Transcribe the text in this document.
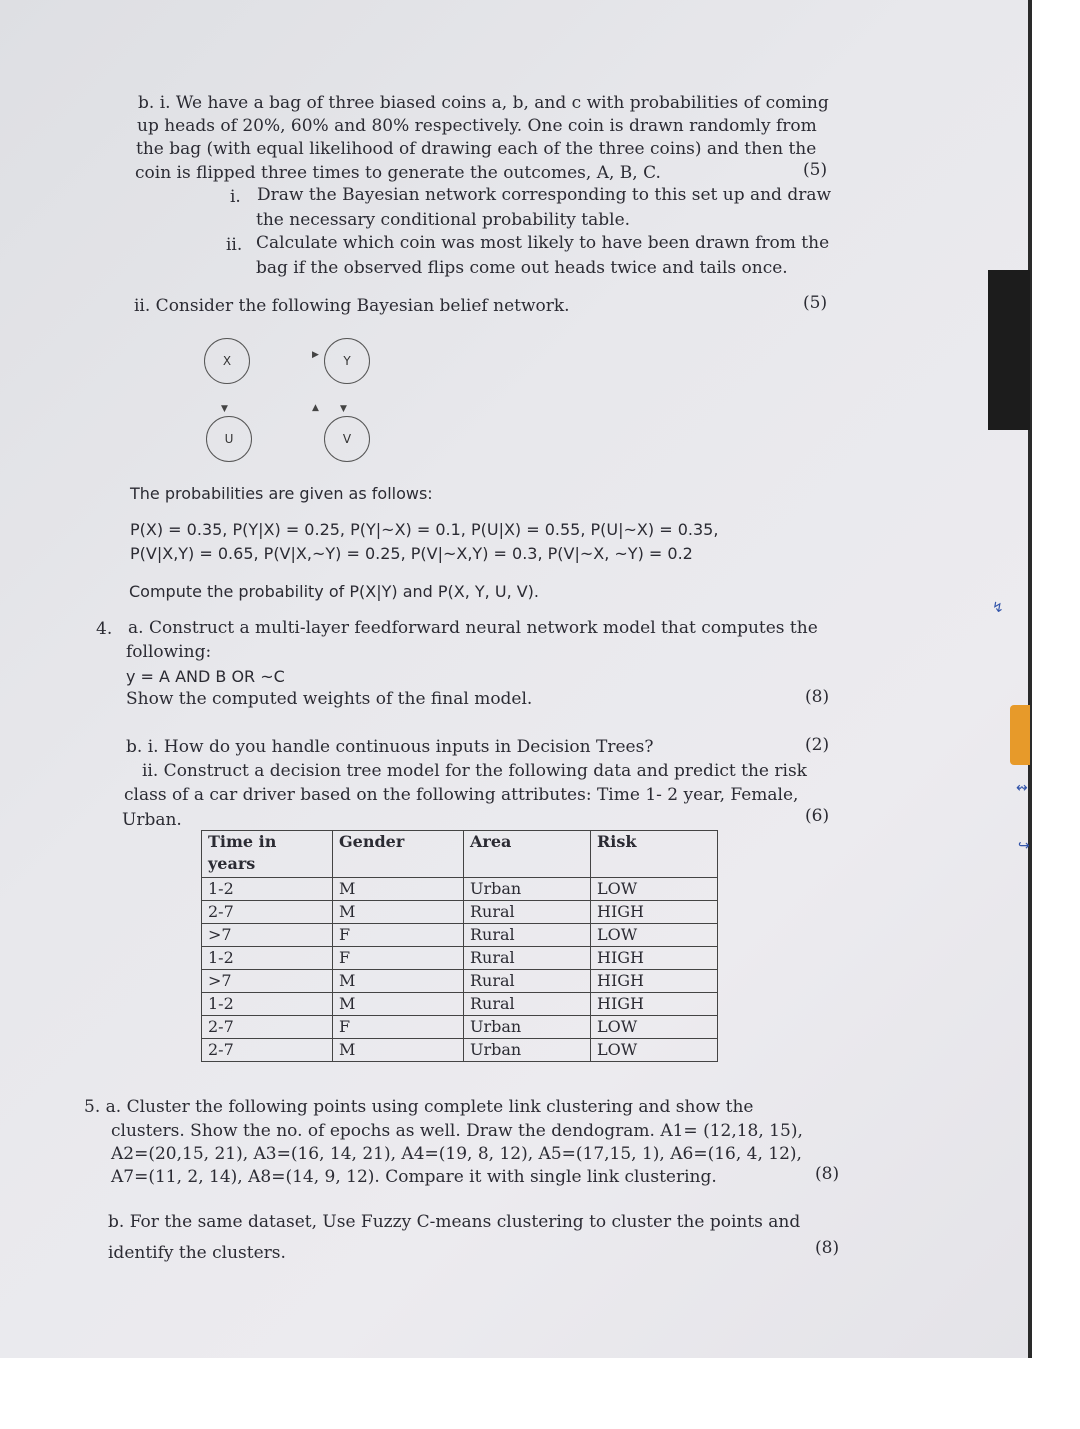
b. i. We have a bag of three biased coins a, b, and c with probabilities of coming
up heads of 20%, 60% and 80% respectively. One coin is drawn randomly from
the bag (with equal likelihood of drawing each of the three coins) and then the
coin is flipped three times to generate the outcomes, A, B, C.	(5)
i. Draw the Bayesian network corresponding to this set up and draw
the necessary conditional probability table.
ii. Calculate which coin was most likely to have been drawn from the
bag if the observed flips come out heads twice and tails once.
ii. Consider the following Bayesian belief network.	(5)
X	Y
U	V
▶
▼	▲ ▼
The probabilities are given as follows:
P(X) = 0.35, P(Y|X) = 0.25, P(Y|~X) = 0.1, P(U|X) = 0.55, P(U|~X) = 0.35,
P(V|X,Y) = 0.65, P(V|X,~Y) = 0.25, P(V|~X,Y) = 0.3, P(V|~X, ~Y) = 0.2
Compute the probability of P(X|Y) and P(X, Y, U, V).
4. a. Construct a multi-layer feedforward neural network model that computes the
following:
y = A AND B OR ~C
Show the computed weights of the final model.	(8)
b. i. How do you handle continuous inputs in Decision Trees?	(2)
ii. Construct a decision tree model for the following data and predict the risk
class of a car driver based on the following attributes: Time 1- 2 year, Female,
Urban.	(6)
Time in years	Gender	Area	Risk
1-2	M	Urban	LOW
2-7	M	Rural	HIGH
>7	F	Rural	LOW
1-2	F	Rural	HIGH
>7	M	Rural	HIGH
1-2	M	Rural	HIGH
2-7	F	Urban	LOW
2-7	M	Urban	LOW
5. a. Cluster the following points using complete link clustering and show the
clusters. Show the no. of epochs as well. Draw the dendogram. A1= (12,18, 15),
A2=(20,15, 21), A3=(16, 14, 21), A4=(19, 8, 12), A5=(17,15, 1), A6=(16, 4, 12),
A7=(11, 2, 14), A8=(14, 9, 12). Compare it with single link clustering.	(8)
b. For the same dataset, Use Fuzzy C-means clustering to cluster the points and
identify the clusters.	(8)
↯
↭
↪
